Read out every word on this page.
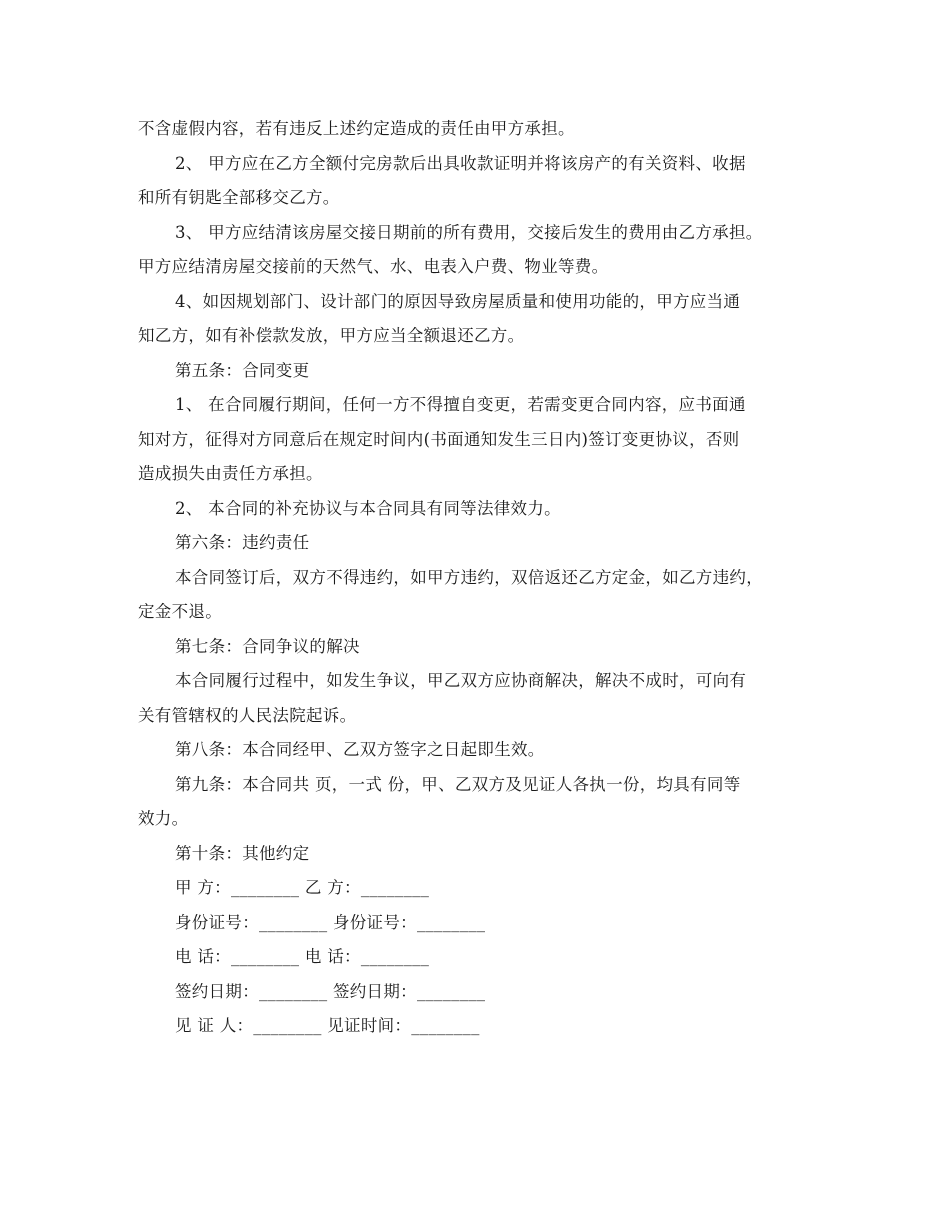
不含虚假内容，若有违反上述约定造成的责任由甲方承担。
2、 甲方应在乙方全额付完房款后出具收款证明并将该房产的有关资料、收据
和所有钥匙全部移交乙方。
3、 甲方应结清该房屋交接日期前的所有费用，交接后发生的费用由乙方承担。
甲方应结清房屋交接前的天然气、水、电表入户费、物业等费。
4、如因规划部门、设计部门的原因导致房屋质量和使用功能的，甲方应当通
知乙方，如有补偿款发放，甲方应当全额退还乙方。
第五条：合同变更
1、 在合同履行期间，任何一方不得擅自变更，若需变更合同内容，应书面通
知对方，征得对方同意后在规定时间内(书面通知发生三日内)签订变更协议，否则
造成损失由责任方承担。
2、 本合同的补充协议与本合同具有同等法律效力。
第六条：违约责任
本合同签订后，双方不得违约，如甲方违约，双倍返还乙方定金，如乙方违约，
定金不退。
第七条：合同争议的解决
本合同履行过程中，如发生争议，甲乙双方应协商解决，解决不成时，可向有
关有管辖权的人民法院起诉。
第八条：本合同经甲、乙双方签字之日起即生效。
第九条：本合同共 页，一式 份，甲、乙双方及见证人各执一份，均具有同等
效力。
第十条：其他约定
甲 方：________ 乙 方：________
身份证号：________ 身份证号：________
电 话：________ 电 话：________
签约日期：________ 签约日期：________
见 证 人：________ 见证时间：________
